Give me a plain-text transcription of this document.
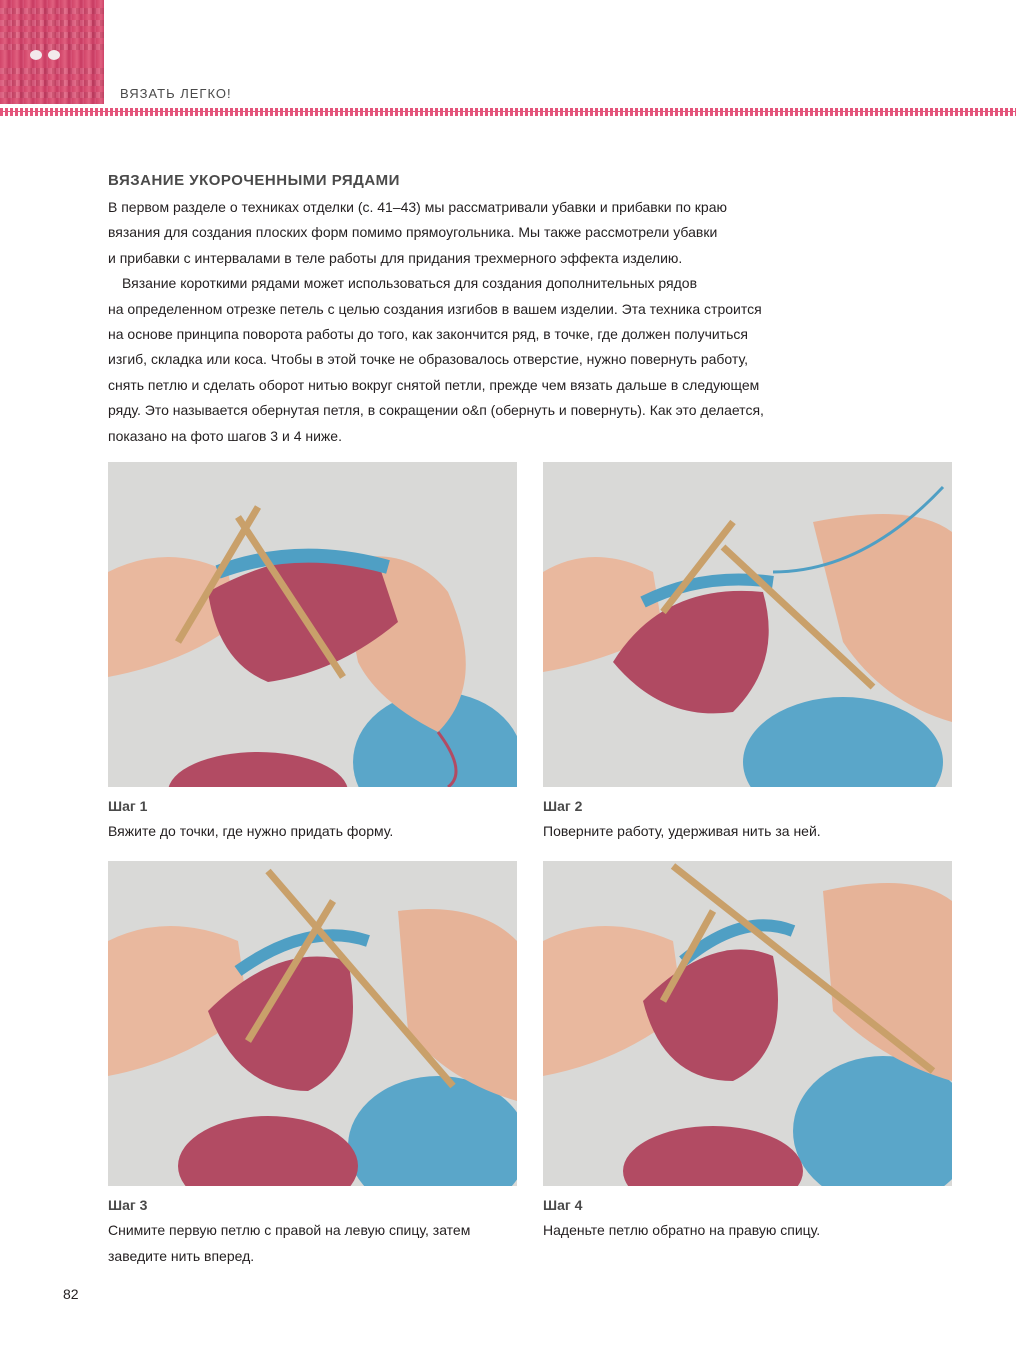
ВЯЗАТЬ ЛЕГКО!
ВЯЗАНИЕ УКОРОЧЕННЫМИ РЯДАМИ
В первом разделе о техниках отделки (с. 41–43) мы рассматривали убавки и прибавки по краю
вязания для создания плоских форм помимо прямоугольника. Мы также рассмотрели убавки
и прибавки с интервалами в теле работы для придания трехмерного эффекта изделию.
Вязание короткими рядами может использоваться для создания дополнительных рядов
на определенном отрезке петель с целью создания изгибов в вашем изделии. Эта техника строится
на основе принципа поворота работы до того, как закончится ряд, в точке, где должен получиться
изгиб, складка или коса. Чтобы в этой точке не образовалось отверстие, нужно повернуть работу,
снять петлю и сделать оборот нитью вокруг снятой петли, прежде чем вязать дальше в следующем
ряду. Это называется обернутая петля, в сокращении о&п (обернуть и повернуть). Как это делается,
показано на фото шагов 3 и 4 ниже.
Шаг 1
Вяжите до точки, где нужно придать форму.
Шаг 2
Поверните работу, удерживая нить за ней.
Шаг 3
Снимите первую петлю с правой на левую спицу, затем
заведите нить вперед.
Шаг 4
Наденьте петлю обратно на правую спицу.
82
